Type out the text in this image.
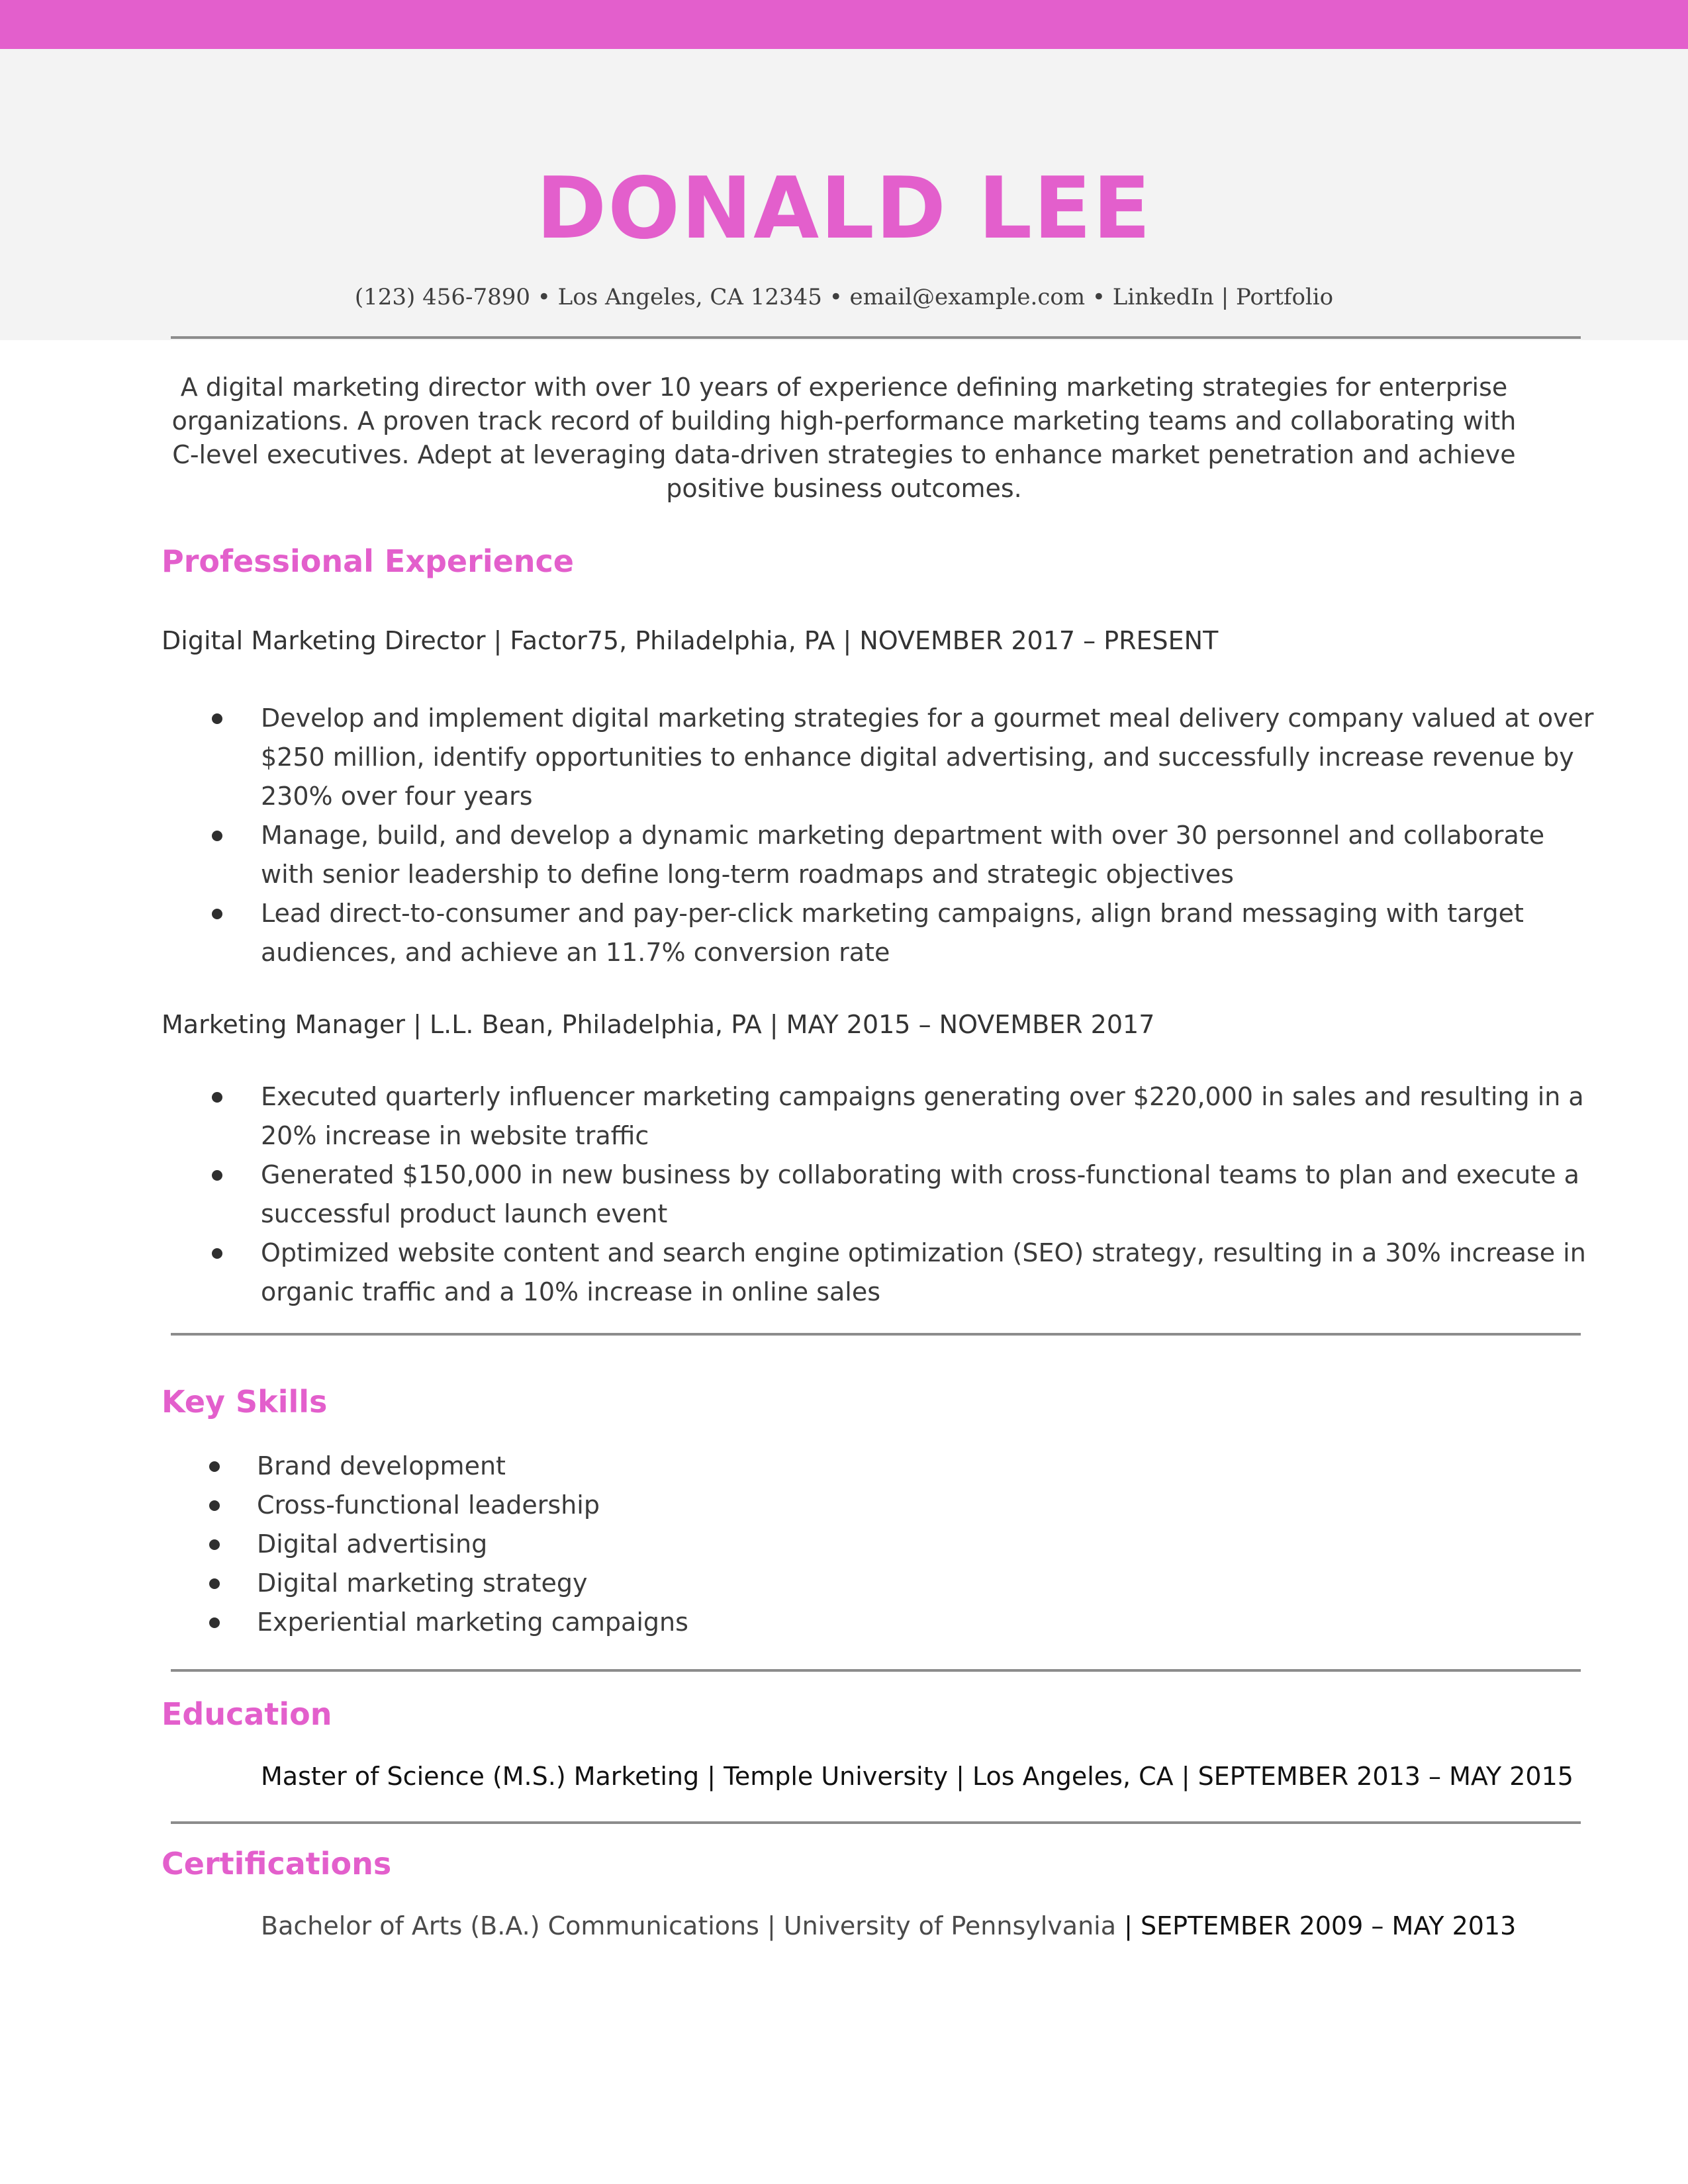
DONALD LEE
(123) 456-7890 • Los Angeles, CA 12345 • email@example.com • LinkedIn | Portfolio
A digital marketing director with over 10 years of experience defining marketing strategies for enterprise organizations. A proven track record of building high-performance marketing teams and collaborating with C-level executives. Adept at leveraging data-driven strategies to enhance market penetration and achieve positive business outcomes.
Professional Experience
Digital Marketing Director | Factor75, Philadelphia, PA | NOVEMBER 2017 – PRESENT
Develop and implement digital marketing strategies for a gourmet meal delivery company valued at over $250 million, identify opportunities to enhance digital advertising, and successfully increase revenue by 230% over four years
Manage, build, and develop a dynamic marketing department with over 30 personnel and collaborate with senior leadership to define long-term roadmaps and strategic objectives
Lead direct-to-consumer and pay-per-click marketing campaigns, align brand messaging with target audiences, and achieve an 11.7% conversion rate
Marketing Manager | L.L. Bean, Philadelphia, PA | MAY 2015 – NOVEMBER 2017
Executed quarterly influencer marketing campaigns generating over $220,000 in sales and resulting in a 20% increase in website traffic
Generated $150,000 in new business by collaborating with cross-functional teams to plan and execute a successful product launch event
Optimized website content and search engine optimization (SEO) strategy, resulting in a 30% increase in organic traffic and a 10% increase in online sales
Key Skills
Brand development
Cross-functional leadership
Digital advertising
Digital marketing strategy
Experiential marketing campaigns
Education
Master of Science (M.S.) Marketing | Temple University | Los Angeles, CA | SEPTEMBER 2013 – MAY 2015
Certifications
Bachelor of Arts (B.A.) Communications | University of Pennsylvania | SEPTEMBER 2009 – MAY 2013
